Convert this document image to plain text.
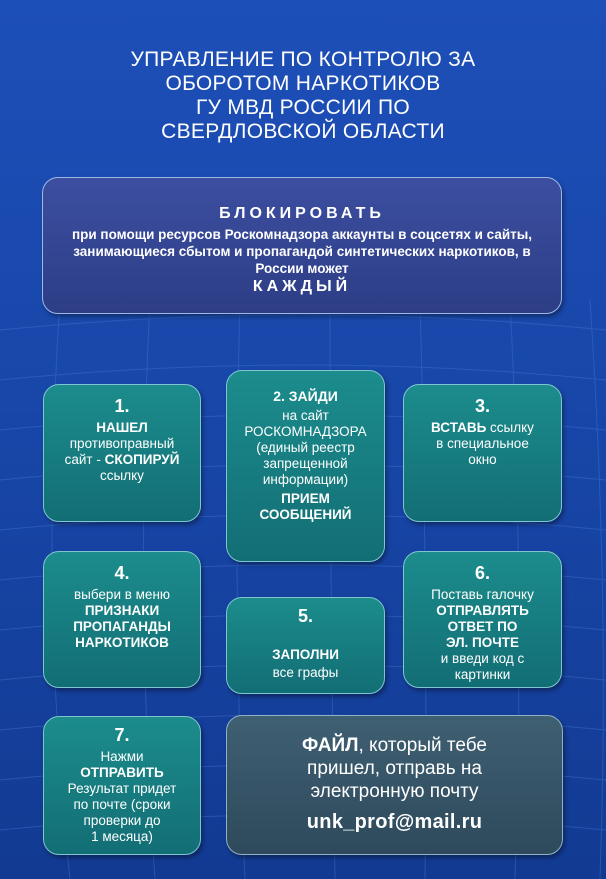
УПРАВЛЕНИЕ ПО КОНТРОЛЮ ЗА
ОБОРОТОМ НАРКОТИКОВ
ГУ МВД РОССИИ ПО
СВЕРДЛОВСКОЙ ОБЛАСТИ
БЛОКИРОВАТЬ
при помощи ресурсов Роскомнадзора аккаунты в соцсетях и сайты, занимающиеся сбытом и пропагандой синтетических наркотиков, в России может
КАЖДЫЙ
1.
НАШЕЛ
противоправный
сайт - СКОПИРУЙ
ссылку
2. ЗАЙДИ
на сайт
РОСКОМНАДЗОРА
(единый реестр
запрещенной
информации)
ПРИЕМ
СООБЩЕНИЙ
3.
ВСТАВЬ ссылку
в специальное
окно
4.
выбери в меню
ПРИЗНАКИ
ПРОПАГАНДЫ
НАРКОТИКОВ
5.
ЗАПОЛНИ
все графы
6.
Поставь галочку
ОТПРАВЛЯТЬ
ОТВЕТ ПО
ЭЛ. ПОЧТЕ
и введи код с
картинки
7.
Нажми
ОТПРАВИТЬ
Результат придет
по почте (сроки
проверки до
1 месяца)
ФАЙЛ, который тебе
пришел, отправь на
электронную почту
unk_prof@mail.ru
